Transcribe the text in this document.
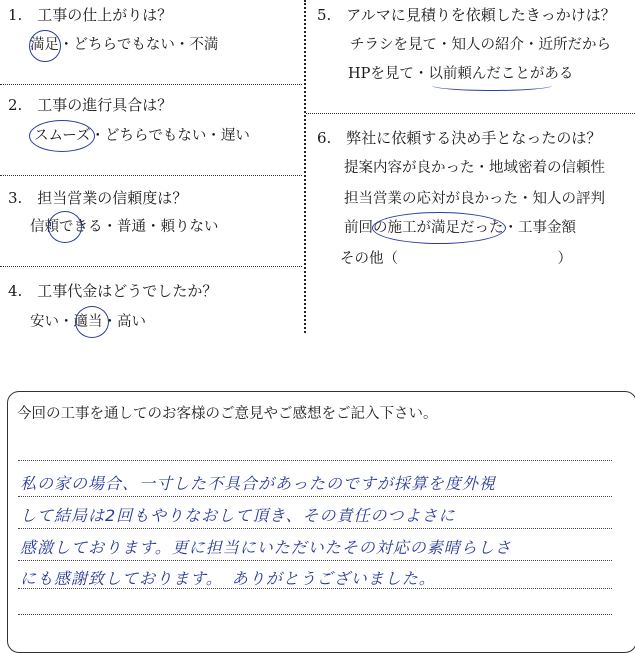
1.　工事の仕上がりは？
満足・どちらでもない・不満
2.　工事の進行具合は？
スムーズ・どちらでもない・遅い
3.　担当営業の信頼度は？
信頼できる・普通・頼りない
4.　工事代金はどうでしたか？
安い・適当・高い
5.　アルマに見積りを依頼したきっかけは？
チラシを見て・知人の紹介・近所だから
HPを見て・以前頼んだことがある
6.　弊社に依頼する決め手となったのは？
提案内容が良かった・地域密着の信頼性
担当営業の応対が良かった・知人の評判
前回の施工が満足だった・工事金額
その他（　　　　　　　　　　　）
今回の工事を通してのお客様のご意見やご感想をご記入下さい。
私の家の場合、一寸した不具合があったのですが採算を度外視
して結局は2回もやりなおして頂き、その責任のつよさに
感激しております。更に担当にいただいたその対応の素晴らしさ
にも感謝致しております。　ありがとうございました。
